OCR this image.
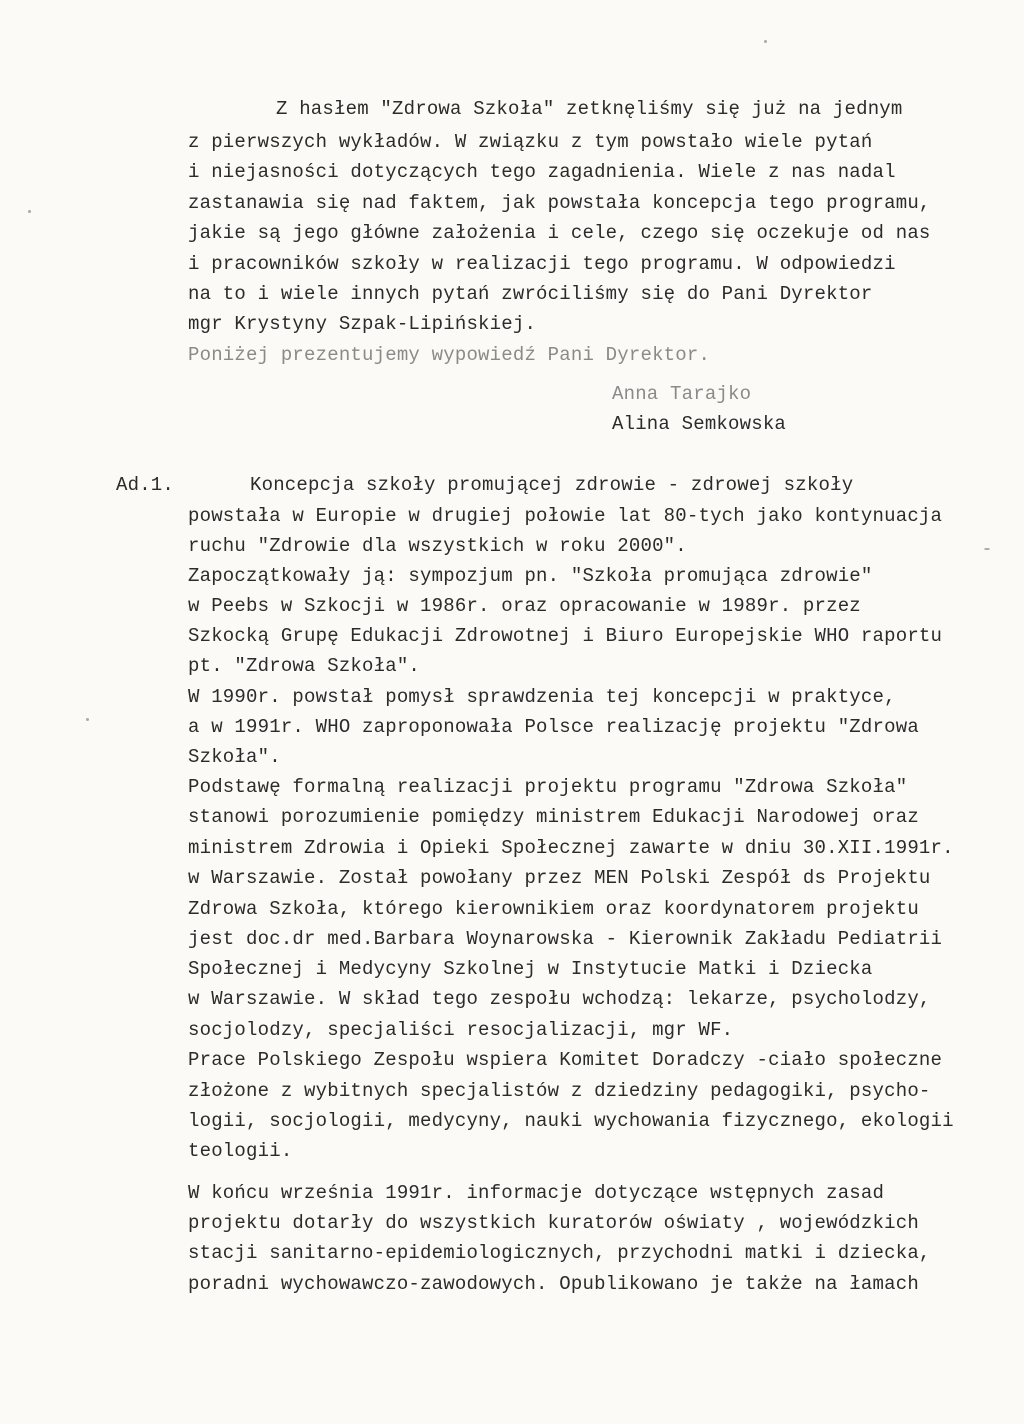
Z hasłem "Zdrowa Szkoła" zetknęliśmy się już na jednym
z pierwszych wykładów. W związku z tym powstało wiele pytań
i niejasności dotyczących tego zagadnienia. Wiele z nas nadal
zastanawia się nad faktem, jak powstała koncepcja tego programu,
jakie są jego główne założenia i cele, czego się oczekuje od nas
i pracowników szkoły w realizacji tego programu. W odpowiedzi
na to i wiele innych pytań zwróciliśmy się do Pani Dyrektor
mgr Krystyny Szpak-Lipińskiej.
Poniżej prezentujemy wypowiedź Pani Dyrektor.
Anna Tarajko
Alina Semkowska
Ad.1.	Koncepcja szkoły promującej zdrowie - zdrowej szkoły
powstała w Europie w drugiej połowie lat 80-tych jako kontynuacja
ruchu "Zdrowie dla wszystkich w roku 2000".
Zapoczątkowały ją: sympozjum pn. "Szkoła promująca zdrowie"
w Peebs w Szkocji w 1986r. oraz opracowanie w 1989r. przez
Szkocką Grupę Edukacji Zdrowotnej i Biuro Europejskie WHO raportu
pt. "Zdrowa Szkoła".
W 1990r. powstał pomysł sprawdzenia tej koncepcji w praktyce,
a w 1991r. WHO zaproponowała Polsce realizację projektu "Zdrowa
Szkoła".
Podstawę formalną realizacji projektu programu "Zdrowa Szkoła"
stanowi porozumienie pomiędzy ministrem Edukacji Narodowej oraz
ministrem Zdrowia i Opieki Społecznej zawarte w dniu 30.XII.1991r.
w Warszawie. Został powołany przez MEN Polski Zespół ds Projektu
Zdrowa Szkoła, którego kierownikiem oraz koordynatorem projektu
jest doc.dr med.Barbara Woynarowska - Kierownik Zakładu Pediatrii
Społecznej i Medycyny Szkolnej w Instytucie Matki i Dziecka
w Warszawie. W skład tego zespołu wchodzą: lekarze, psycholodzy,
socjolodzy, specjaliści resocjalizacji, mgr WF.
Prace Polskiego Zespołu wspiera Komitet Doradczy -ciało społeczne
złożone z wybitnych specjalistów z dziedziny pedagogiki, psycho-
logii, socjologii, medycyny, nauki wychowania fizycznego, ekologii
teologii.
W końcu września 1991r. informacje dotyczące wstępnych zasad
projektu dotarły do wszystkich kuratorów oświaty , wojewódzkich
stacji sanitarno-epidemiologicznych, przychodni matki i dziecka,
poradni wychowawczo-zawodowych. Opublikowano je także na łamach
